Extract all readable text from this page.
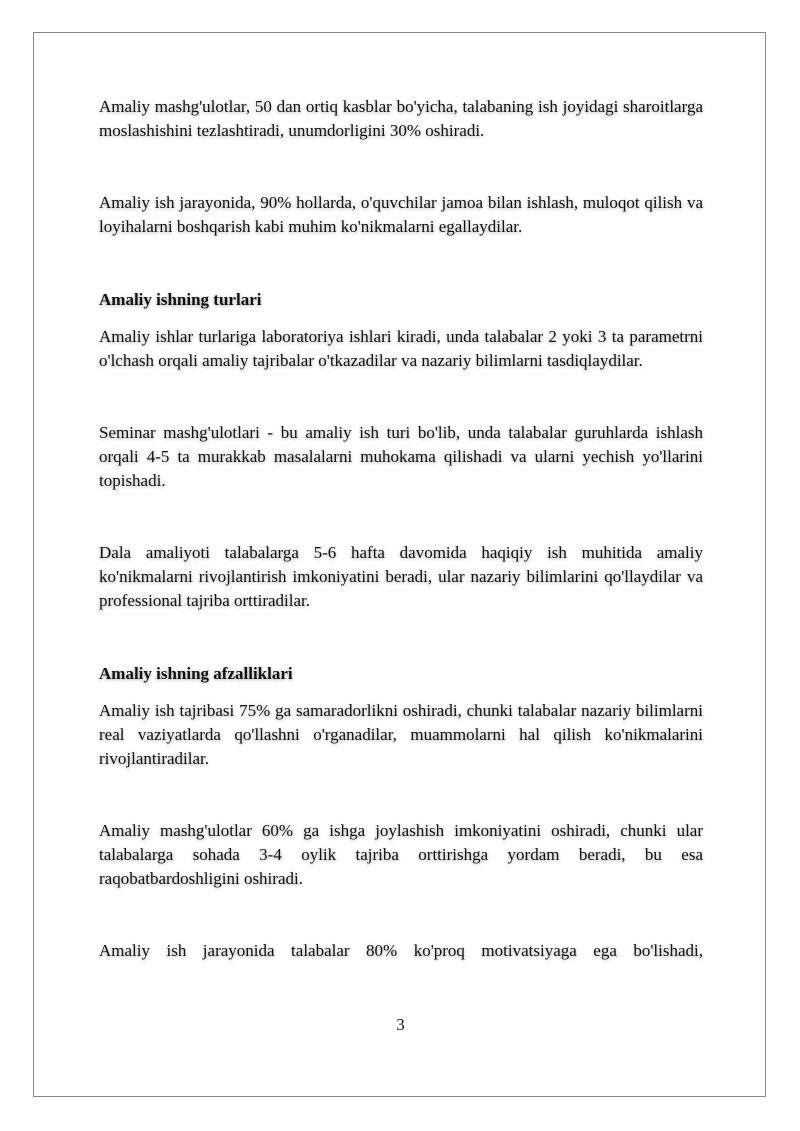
Amaliy mashg'ulotlar, 50 dan ortiq kasblar bo'yicha, talabaning ish joyidagi sharoitlarga moslashishini tezlashtiradi, unumdorligini 30% oshiradi.

Amaliy ish jarayonida, 90% hollarda, o'quvchilar jamoa bilan ishlash, muloqot qilish va loyihalarni boshqarish kabi muhim ko'nikmalarni egallaydilar.

Amaliy ishning turlari

Amaliy ishlar turlariga laboratoriya ishlari kiradi, unda talabalar 2 yoki 3 ta parametrni o'lchash orqali amaliy tajribalar o'tkazadilar va nazariy bilimlarni tasdiqlaydilar.

Seminar mashg'ulotlari - bu amaliy ish turi bo'lib, unda talabalar guruhlarda ishlash orqali 4-5 ta murakkab masalalarni muhokama qilishadi va ularni yechish yo'llarini topishadi.

Dala amaliyoti talabalarga 5-6 hafta davomida haqiqiy ish muhitida amaliy ko'nikmalarni rivojlantirish imkoniyatini beradi, ular nazariy bilimlarini qo'llaydilar va professional tajriba orttiradilar.

Amaliy ishning afzalliklari

Amaliy ish tajribasi 75% ga samaradorlikni oshiradi, chunki talabalar nazariy bilimlarni real vaziyatlarda qo'llashni o'rganadilar, muammolarni hal qilish ko'nikmalarini rivojlantiradilar.

Amaliy mashg'ulotlar 60% ga ishga joylashish imkoniyatini oshiradi, chunki ular talabalarga sohada 3-4 oylik tajriba orttirishga yordam beradi, bu esa raqobatbardoshligini oshiradi.

Amaliy ish jarayonida talabalar 80% ko'proq motivatsiyaga ega bo'lishadi,

3
